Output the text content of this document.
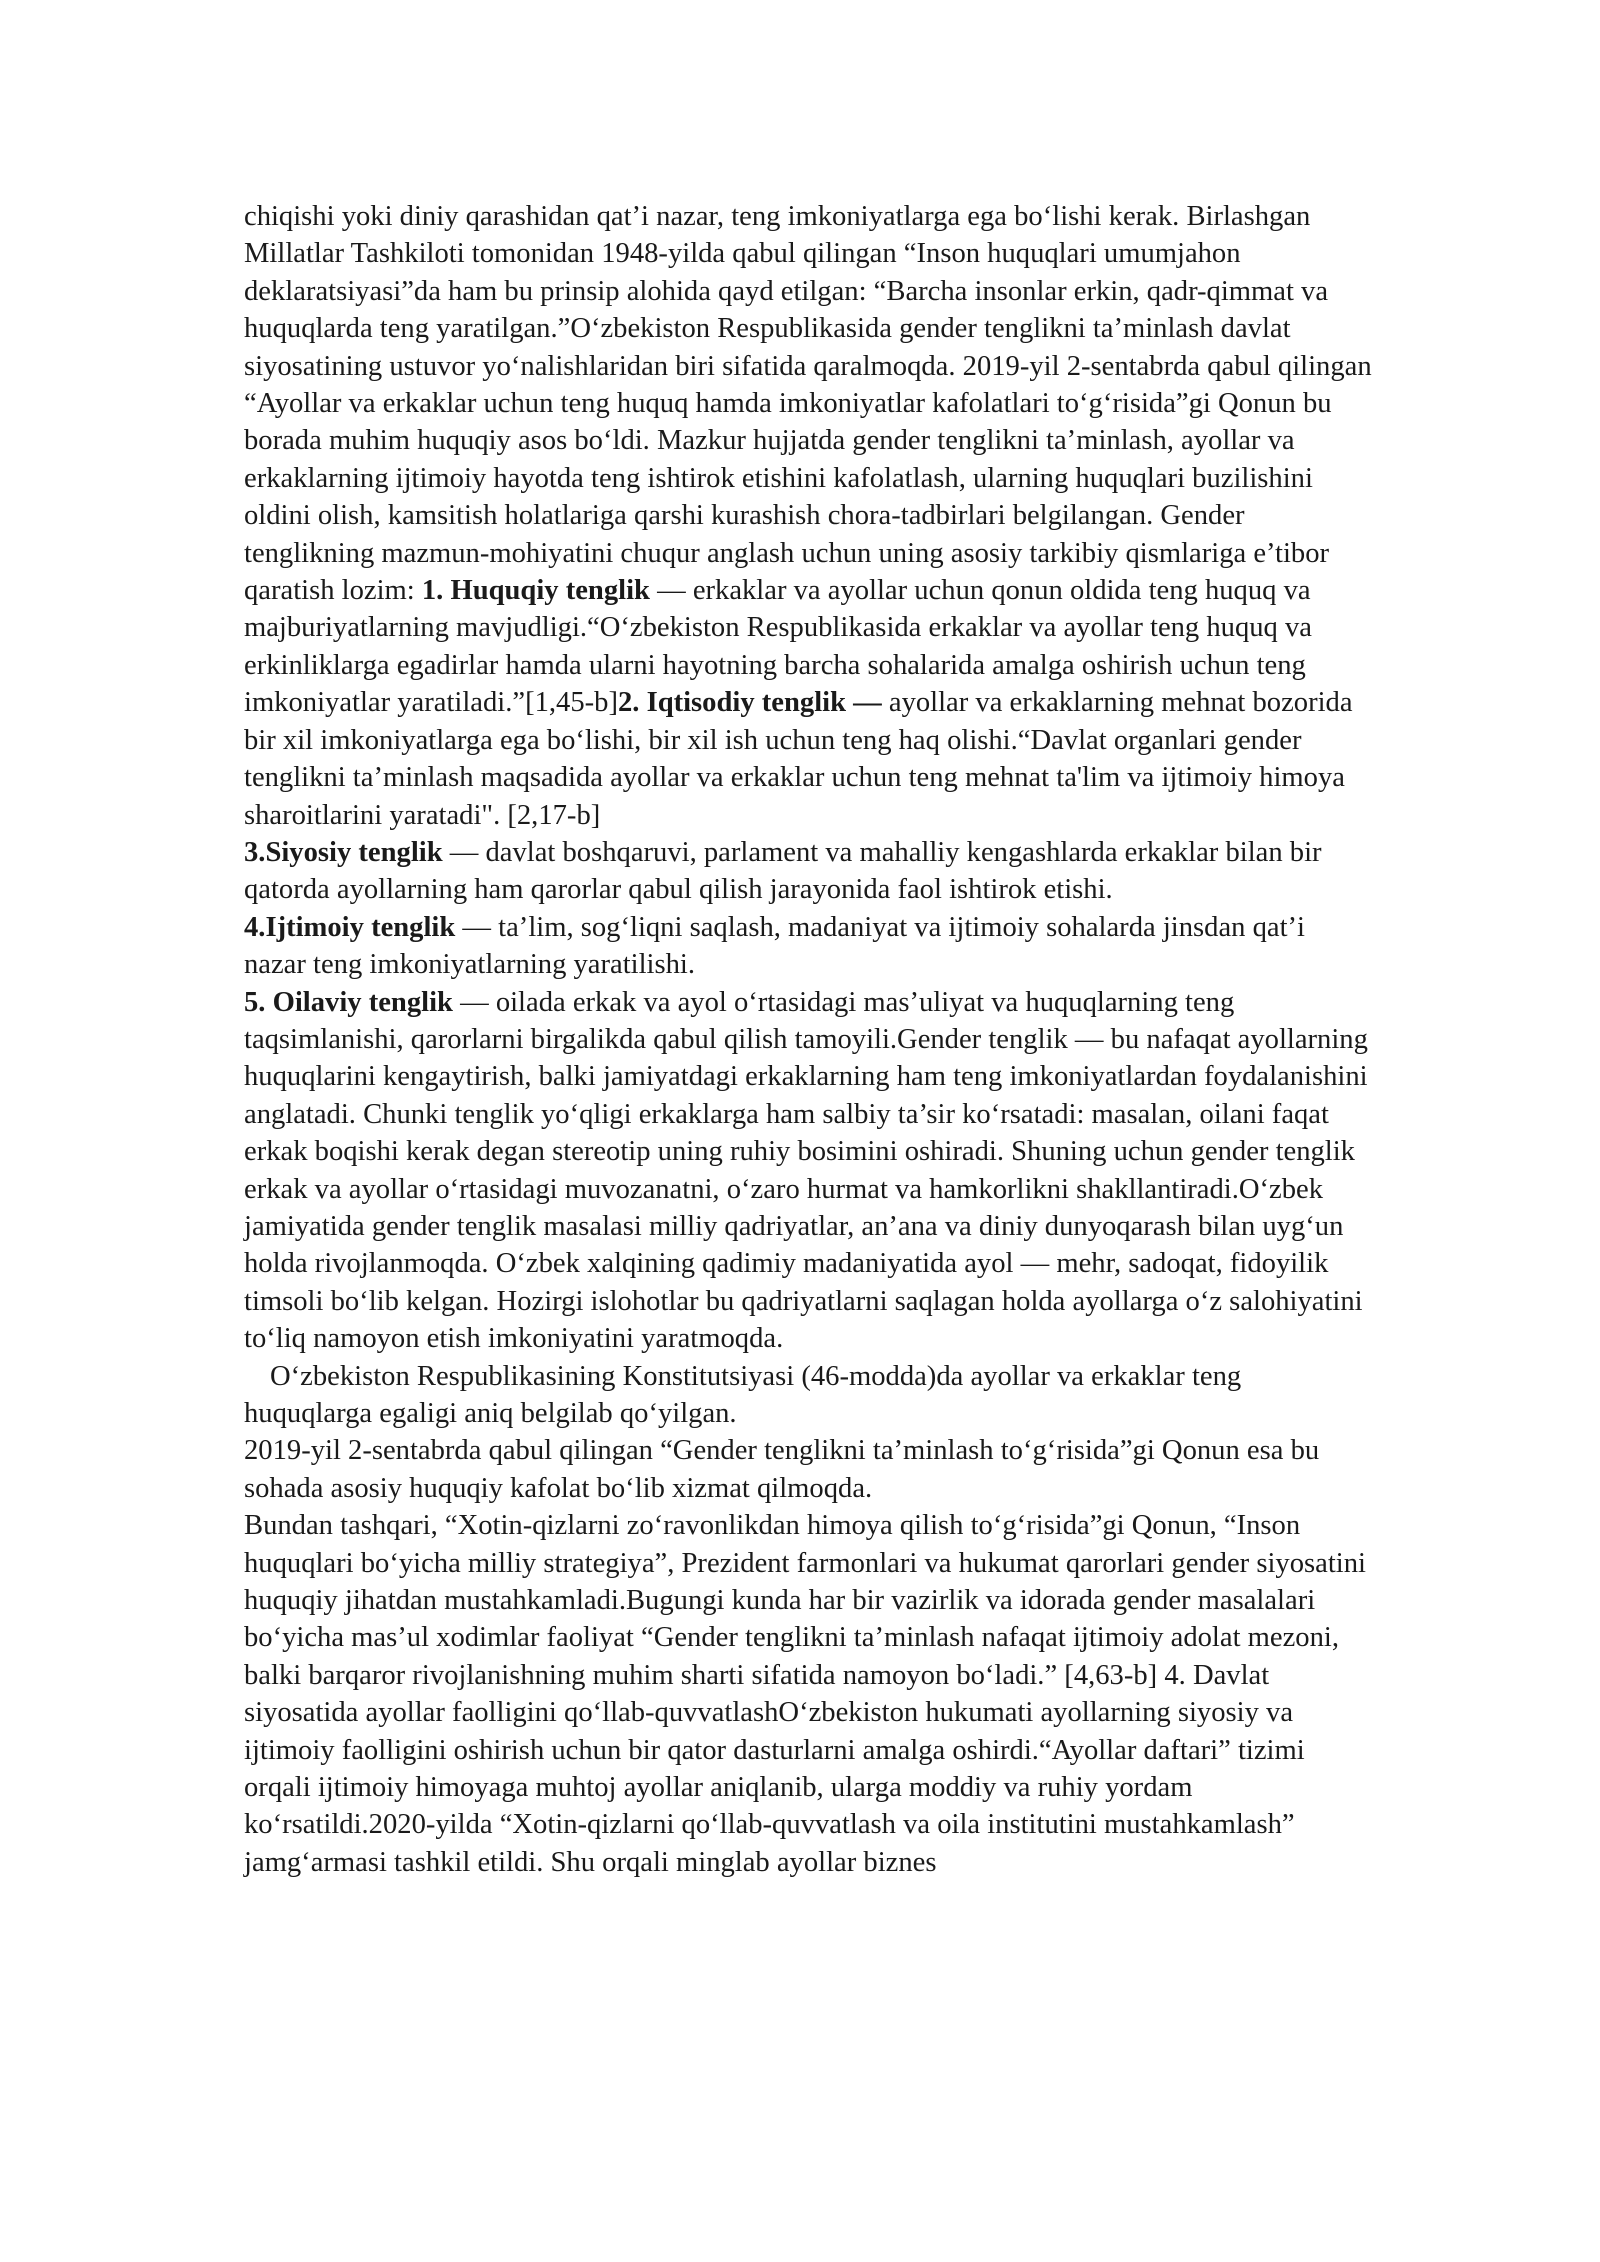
chiqishi yoki diniy qarashidan qat’i nazar, teng imkoniyatlarga ega bo‘lishi kerak. Birlashgan Millatlar Tashkiloti tomonidan 1948-yilda qabul qilingan “Inson huquqlari umumjahon deklaratsiyasi”da ham bu prinsip alohida qayd etilgan: “Barcha insonlar erkin, qadr-qimmat va huquqlarda teng yaratilgan.”O‘zbekiston Respublikasida gender tenglikni ta’minlash davlat siyosatining ustuvor yo‘nalishlaridan biri sifatida qaralmoqda. 2019-yil 2-sentabrda qabul qilingan “Ayollar va erkaklar uchun teng huquq hamda imkoniyatlar kafolatlari to‘g‘risida”gi Qonun bu borada muhim huquqiy asos bo‘ldi. Mazkur hujjatda gender tenglikni ta’minlash, ayollar va erkaklarning ijtimoiy hayotda teng ishtirok etishini kafolatlash, ularning huquqlari buzilishini oldini olish, kamsitish holatlariga qarshi kurashish chora-tadbirlari belgilangan. Gender tenglikning mazmun-mohiyatini chuqur anglash uchun uning asosiy tarkibiy qismlariga e’tibor qaratish lozim: 1. Huquqiy tenglik — erkaklar va ayollar uchun qonun oldida teng huquq va majburiyatlarning mavjudligi.“O‘zbekiston Respublikasida erkaklar va ayollar teng huquq va erkinliklarga egadirlar hamda ularni hayotning barcha sohalarida amalga oshirish uchun teng imkoniyatlar yaratiladi.”[1,45-b]2. Iqtisodiy tenglik — ayollar va erkaklarning mehnat bozorida bir xil imkoniyatlarga ega bo‘lishi, bir xil ish uchun teng haq olishi.“Davlat organlari gender tenglikni ta’minlash maqsadida ayollar va erkaklar uchun teng mehnat ta'lim va ijtimoiy himoya sharoitlarini yaratadi". [2,17-b]

3.Siyosiy tenglik — davlat boshqaruvi, parlament va mahalliy kengashlarda erkaklar bilan bir qatorda ayollarning ham qarorlar qabul qilish jarayonida faol ishtirok etishi.

4.Ijtimoiy tenglik — ta’lim, sog‘liqni saqlash, madaniyat va ijtimoiy sohalarda jinsdan qat’i nazar teng imkoniyatlarning yaratilishi.

5. Oilaviy tenglik — oilada erkak va ayol o‘rtasidagi mas’uliyat va huquqlarning teng taqsimlanishi, qarorlarni birgalikda qabul qilish tamoyili.Gender tenglik — bu nafaqat ayollarning huquqlarini kengaytirish, balki jamiyatdagi erkaklarning ham teng imkoniyatlardan foydalanishini anglatadi. Chunki tenglik yo‘qligi erkaklarga ham salbiy ta’sir ko‘rsatadi: masalan, oilani faqat erkak boqishi kerak degan stereotip uning ruhiy bosimini oshiradi. Shuning uchun gender tenglik erkak va ayollar o‘rtasidagi muvozanatni, o‘zaro hurmat va hamkorlikni shakllantiradi.O‘zbek jamiyatida gender tenglik masalasi milliy qadriyatlar, an’ana va diniy dunyoqarash bilan uyg‘un holda rivojlanmoqda. O‘zbek xalqining qadimiy madaniyatida ayol — mehr, sadoqat, fidoyilik timsoli bo‘lib kelgan. Hozirgi islohotlar bu qadriyatlarni saqlagan holda ayollarga o‘z salohiyatini to‘liq namoyon etish imkoniyatini yaratmoqda.

O‘zbekiston Respublikasining Konstitutsiyasi (46-modda)da ayollar va erkaklar teng huquqlarga egaligi aniq belgilab qo‘yilgan.

2019-yil 2-sentabrda qabul qilingan “Gender tenglikni ta’minlash to‘g‘risida”gi Qonun esa bu sohada asosiy huquqiy kafolat bo‘lib xizmat qilmoqda.

Bundan tashqari, “Xotin-qizlarni zo‘ravonlikdan himoya qilish to‘g‘risida”gi Qonun, “Inson huquqlari bo‘yicha milliy strategiya”, Prezident farmonlari va hukumat qarorlari gender siyosatini huquqiy jihatdan mustahkamladi.Bugungi kunda har bir vazirlik va idorada gender masalalari bo‘yicha mas’ul xodimlar faoliyat “Gender tenglikni ta’minlash nafaqat ijtimoiy adolat mezoni, balki barqaror rivojlanishning muhim sharti sifatida namoyon bo‘ladi.” [4,63-b] 4. Davlat siyosatida ayollar faolligini qo‘llab-quvvatlashO‘zbekiston hukumati ayollarning siyosiy va ijtimoiy faolligini oshirish uchun bir qator dasturlarni amalga oshirdi.“Ayollar daftari” tizimi orqali ijtimoiy himoyaga muhtoj ayollar aniqlanib, ularga moddiy va ruhiy yordam ko‘rsatildi.2020-yilda “Xotin-qizlarni qo‘llab-quvvatlash va oila institutini mustahkamlash” jamg‘armasi tashkil etildi. Shu orqali minglab ayollar biznes
